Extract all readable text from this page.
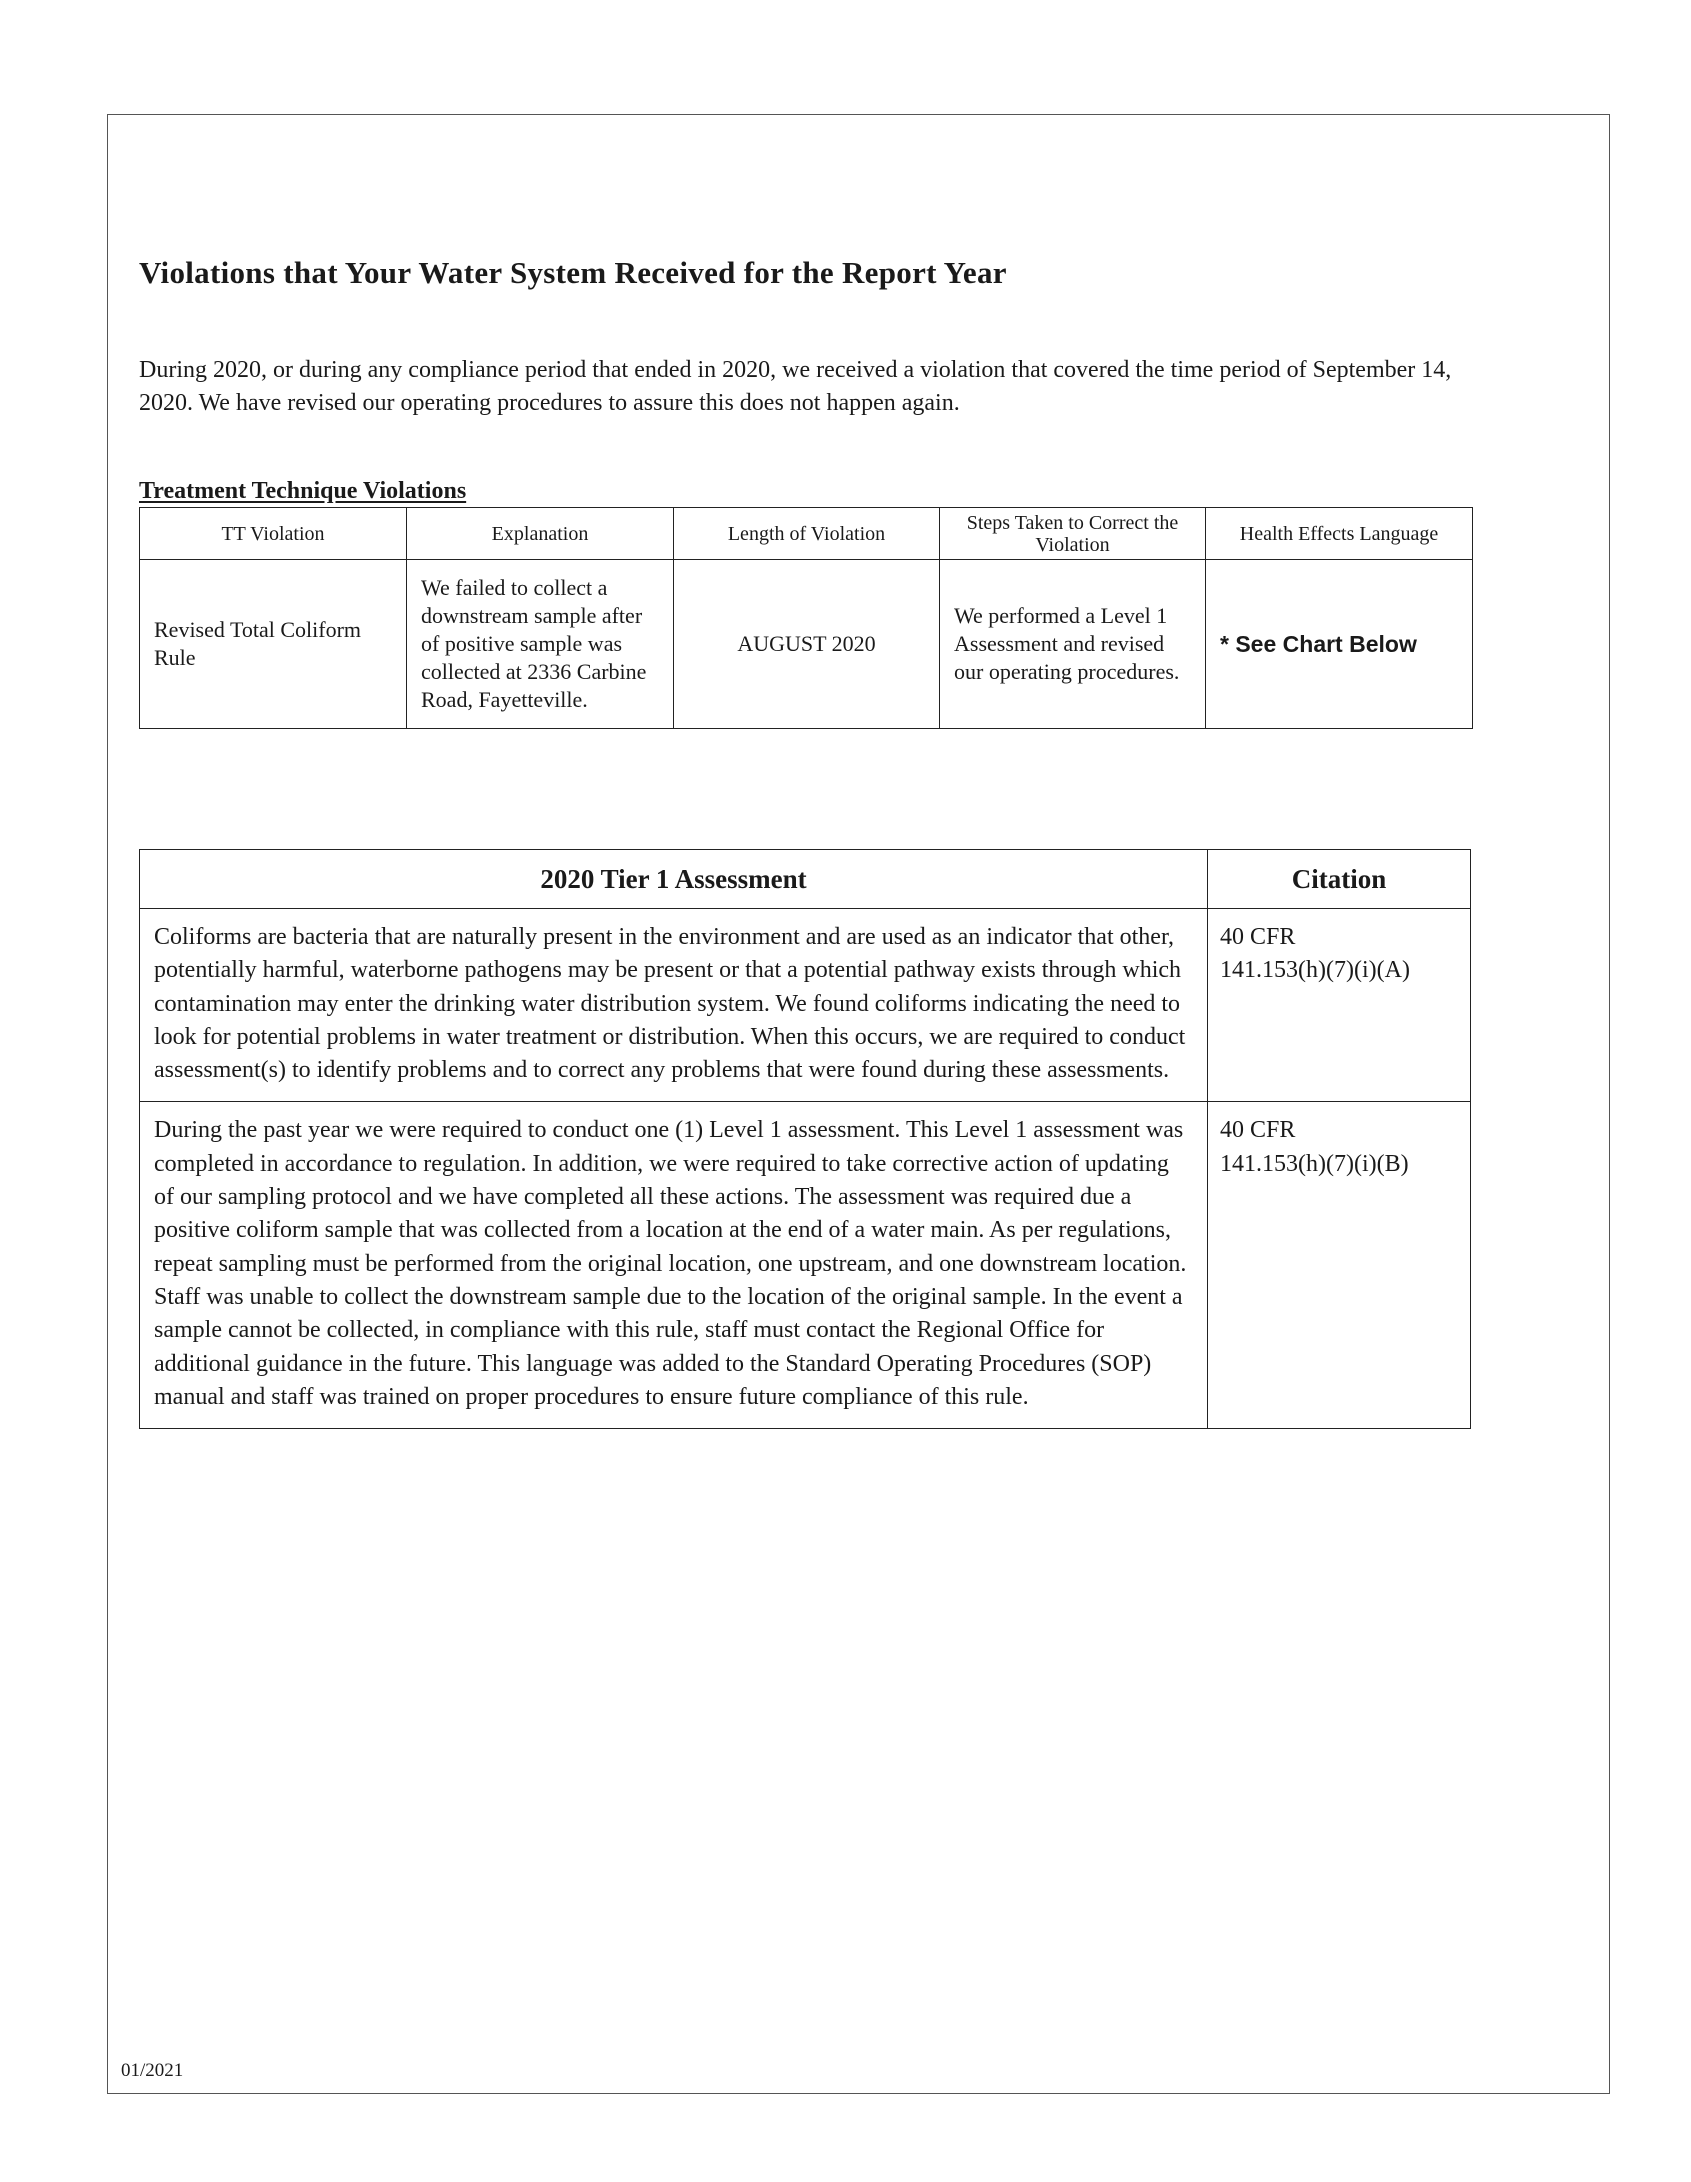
Violations that Your Water System Received for the Report Year

During 2020, or during any compliance period that ended in 2020, we received a violation that covered the time period of September 14, 2020. We have revised our operating procedures to assure this does not happen again.

Treatment Technique Violations
TT Violation	Explanation	Length of Violation	Steps Taken to Correct the Violation	Health Effects Language
Revised Total Coliform Rule	We failed to collect a downstream sample after of positive sample was collected at 2336 Carbine Road, Fayetteville.	AUGUST 2020	We performed a Level 1 Assessment and revised our operating procedures.	* See Chart Below
2020 Tier 1 Assessment	Citation
Coliforms are bacteria that are naturally present in the environment and are used as an indicator that other, potentially harmful, waterborne pathogens may be present or that a potential pathway exists through which contamination may enter the drinking water distribution system. We found coliforms indicating the need to look for potential problems in water treatment or distribution. When this occurs, we are required to conduct assessment(s) to identify problems and to correct any problems that were found during these assessments.	40 CFR
141.153(h)(7)(i)(A)

During the past year we were required to conduct one (1) Level 1 assessment. This Level 1 assessment was completed in accordance to regulation. In addition, we were required to take corrective action of updating of our sampling protocol and we have completed all these actions. The assessment was required due a positive coliform sample that was collected from a location at the end of a water main. As per regulations, repeat sampling must be performed from the original location, one upstream, and one downstream location. Staff was unable to collect the downstream sample due to the location of the original sample. In the event a sample cannot be collected, in compliance with this rule, staff must contact the Regional Office for additional guidance in the future. This language was added to the Standard Operating Procedures (SOP) manual and staff was trained on proper procedures to ensure future compliance of this rule.	40 CFR
141.153(h)(7)(i)(B)

01/2021
